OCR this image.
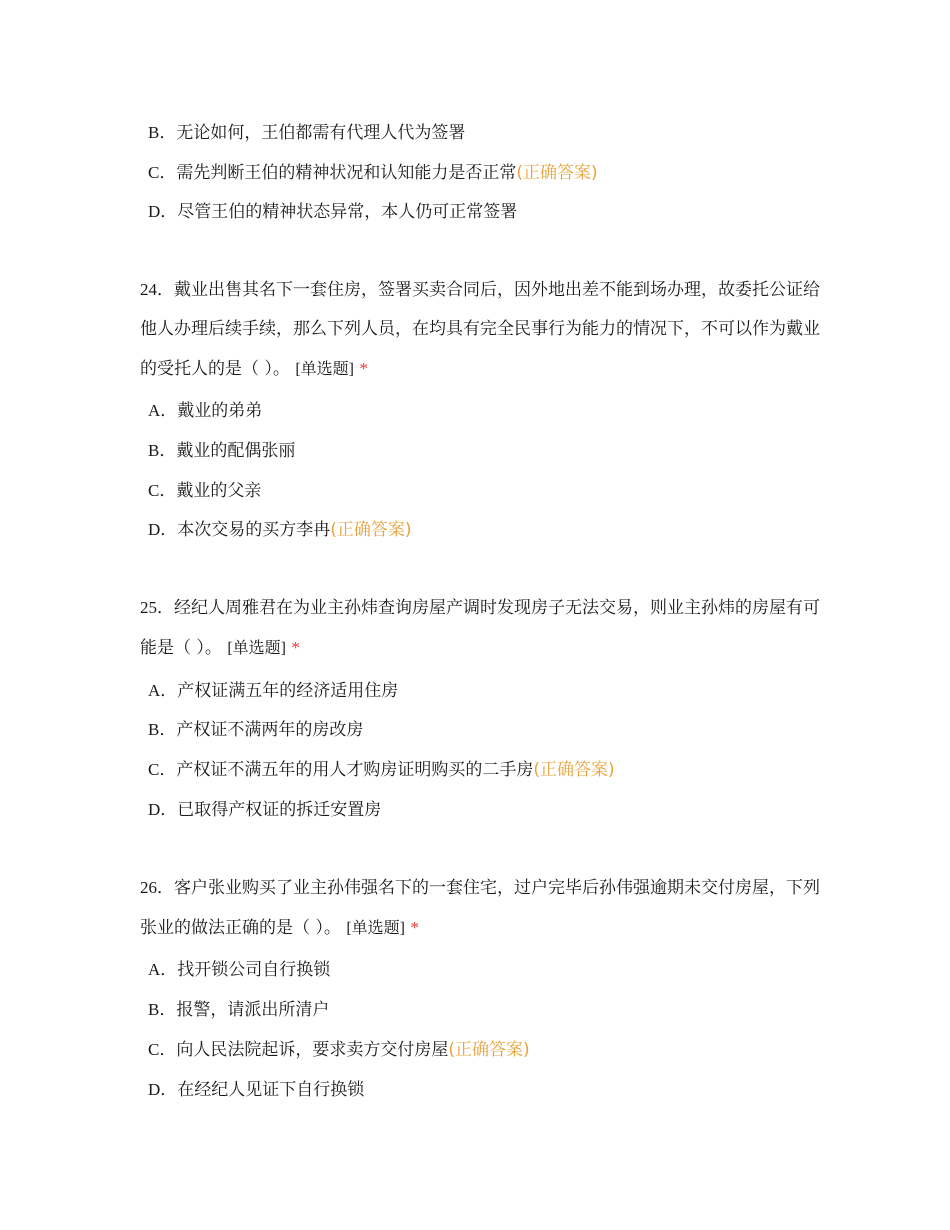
B．无论如何，王伯都需有代理人代为签署
C．需先判断王伯的精神状况和认知能力是否正常(正确答案)
D．尽管王伯的精神状态异常，本人仍可正常签署
24．戴业出售其名下一套住房，签署买卖合同后，因外地出差不能到场办理，故委托公证给他人办理后续手续，那么下列人员，在均具有完全民事行为能力的情况下，不可以作为戴业的受托人的是（ ）。 [单选题] *
A．戴业的弟弟
B．戴业的配偶张丽
C．戴业的父亲
D．本次交易的买方李冉(正确答案)
25．经纪人周雅君在为业主孙炜查询房屋产调时发现房子无法交易，则业主孙炜的房屋有可能是（ ）。 [单选题] *
A．产权证满五年的经济适用住房
B．产权证不满两年的房改房
C．产权证不满五年的用人才购房证明购买的二手房(正确答案)
D．已取得产权证的拆迁安置房
26．客户张业购买了业主孙伟强名下的一套住宅，过户完毕后孙伟强逾期未交付房屋，下列张业的做法正确的是（ ）。 [单选题] *
A．找开锁公司自行换锁
B．报警，请派出所清户
C．向人民法院起诉，要求卖方交付房屋(正确答案)
D．在经纪人见证下自行换锁
